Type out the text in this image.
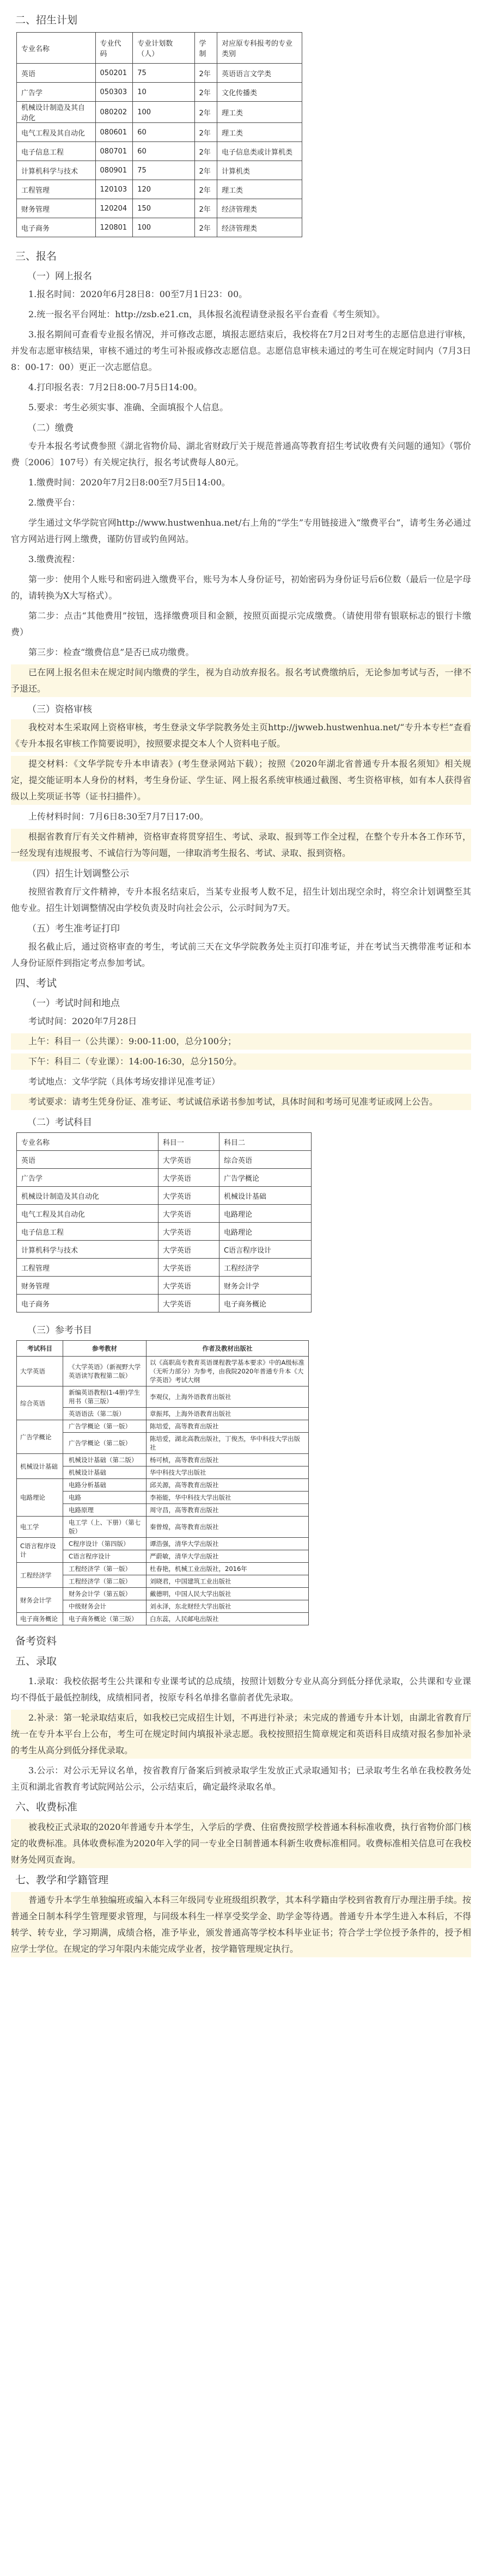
二、招生计划
专业名称	专业代码	专业计划数（人）	学制	对应原专科报考的专业类别
英语	050201	75	2年	英语语言文学类
广告学	050303	10	2年	文化传播类
机械设计制造及其自动化	080202	100	2年	理工类
电气工程及其自动化	080601	60	2年	理工类
电子信息工程	080701	60	2年	电子信息类或计算机类
计算机科学与技术	080901	75	2年	计算机类
工程管理	120103	120	2年	理工类
财务管理	120204	150	2年	经济管理类
电子商务	120801	100	2年	经济管理类
三、报名
（一）网上报名

1.报名时间：2020年6月28日8：00至7月1日23：00。

2.统一报名平台网址：http://zsb.e21.cn，具体报名流程请登录报名平台查看《考生须知》。

3.报名期间可查看专业报名情况，并可修改志愿，填报志愿结束后，我校将在7月2日对考生的志愿信息进行审核，并发布志愿审核结果，审核不通过的考生可补报或修改志愿信息。志愿信息审核未通过的考生可在规定时间内（7月3日8：00-17：00）更正一次志愿信息。

4.打印报名表：7月2日8:00-7月5日14:00。

5.要求：考生必须实事、准确、全面填报个人信息。

（二）缴费

专升本报名考试费参照《湖北省物价局、湖北省财政厅关于规范普通高等教育招生考试收费有关问题的通知》（鄂价费〔2006〕107号）有关规定执行，报名考试费每人80元。

1.缴费时间：2020年7月2日8:00至7月5日14:00。

2.缴费平台：

学生通过文华学院官网http://www.hustwenhua.net/右上角的“学生”专用链接进入“缴费平台”，请考生务必通过官方网站进行网上缴费，谨防仿冒或钓鱼网站。

3.缴费流程：

第一步：使用个人账号和密码进入缴费平台，账号为本人身份证号，初始密码为身份证号后6位数（最后一位是字母的，请转换为X大写格式）。

第二步：点击“其他费用”按钮，选择缴费项目和金额，按照页面提示完成缴费。（请使用带有银联标志的银行卡缴费）

第三步：检查“缴费信息”是否已成功缴费。

已在网上报名但未在规定时间内缴费的学生，视为自动放弃报名。报名考试费缴纳后，无论参加考试与否，一律不予退还。

（三）资格审核

我校对本生采取网上资格审核，考生登录文华学院教务处主页http://jwweb.hustwenhua.net/“专升本专栏”查看《专升本报名审核工作简要说明》，按照要求提交本人个人资料电子版。

提交材料：《文华学院专升本申请表》(考生登录网站下载）；按照《2020年湖北省普通专升本报名须知》相关规定，提交能证明本人身份的材料，考生身份证、学生证、网上报名系统审核通过截图、考生资格审核，如有本人获得省级以上奖项证书等（证书扫描件）。

上传材料时间：7月6日8:30至7月7日17:00。

根据省教育厅有关文件精神，资格审查将贯穿招生、考试、录取、报到等工作全过程，在整个专升本各工作环节，一经发现有违规报考、不诚信行为等问题，一律取消考生报名、考试、录取、报到资格。

（四）招生计划调整公示

按照省教育厅文件精神，专升本报名结束后，当某专业报考人数不足，招生计划出现空余时，将空余计划调整至其他专业。招生计划调整情况由学校负责及时向社会公示，公示时间为7天。

（五）考生准考证打印

报名截止后，通过资格审查的考生，考试前三天在文华学院教务处主页打印准考证，并在考试当天携带准考证和本人身份证原件到指定考点参加考试。

四、考试
（一）考试时间和地点

考试时间：2020年7月28日

上午：科目一（公共课）：9:00-11:00，总分100分；

下午：科目二（专业课）：14:00-16:30，总分150分。

考试地点：文华学院（具体考场安排详见准考证）

考试要求：请考生凭身份证、准考证、考试诚信承诺书参加考试，具体时间和考场可见准考证或网上公告。

（二）考试科目
专业名称	科目一	科目二
英语	大学英语	综合英语
广告学	大学英语	广告学概论
机械设计制造及其自动化	大学英语	机械设计基础
电气工程及其自动化	大学英语	电路理论
电子信息工程	大学英语	电路理论
计算机科学与技术	大学英语	C语言程序设计
工程管理	大学英语	工程经济学
财务管理	大学英语	财务会计学
电子商务	大学英语	电子商务概论
（三）参考书目
考试科目	参考教材	作者及教材出版社
大学英语	《大学英语》（新视野大学英语读写教程第二版）	以《高职高专教育英语课程教学基本要求》中的A级标准（无听力部分）为参考，由我院2020年普通专升本《大学英语》考试大纲
综合英语	新编英语教程(1-4册)学生用书（第三版）	李观仪，上海外语教育出版社
	英语语法（第二版）	章振邦，上海外语教育出版社
广告学概论	广告学概论（第一版）	陈培爱，高等教育出版社
	广告学概论（第二版）	陈培爱，湖北高教出版社，丁俊杰，华中科技大学出版社
机械设计基础	机械设计基础（第二版）	杨可桢，高等教育出版社
	机械设计基础	华中科技大学出版社
电路理论	电路分析基础	邱关源，高等教育出版社
	电路	李裕能，华中科技大学出版社
	电路原理	周守昌，高等教育出版社
电工学	电工学（上、下册）（第七版）	秦曾煌，高等教育出版社
C语言程序设计	C程序设计（第四版）	谭浩强，清华大学出版社
	C语言程序设计	严蔚敏，清华大学出版社
工程经济学	工程经济学（第一版）	杜春艳，机械工业出版社，2016年
	工程经济学（第二版）	刘晓君，中国建筑工业出版社
财务会计学	财务会计学（第五版）	戴德明，中国人民大学出版社
	中级财务会计	刘永泽，东北财经大学出版社
电子商务概论	电子商务概论（第三版）	白东蕊，人民邮电出版社
备考资料
五、录取

1.录取：我校依据考生公共课和专业课考试的总成绩，按照计划数分专业从高分到低分择优录取，公共课和专业课均不得低于最低控制线，成绩相同者，按原专科名单排名靠前者优先录取。

2.补录：第一轮录取结束后，如我校已完成招生计划，不再进行补录；未完成的普通专升本计划，由湖北省教育厅统一在专升本平台上公布，考生可在规定时间内填报补录志愿。我校按照招生简章规定和英语科目成绩对报名参加补录的考生从高分到低分择优录取。

3.公示：对公示无异议名单，按省教育厅备案后到被录取学生发放正式录取通知书；已录取考生名单在我校教务处主页和湖北省教育考试院网站公示，公示结束后，确定最终录取名单。

六、收费标准

被我校正式录取的2020年普通专升本学生，入学后的学费、住宿费按照学校普通本科标准收费，执行省物价部门核定的收费标准。具体收费标准为2020年入学的同一专业全日制普通本科新生收费标准相同。收费标准相关信息可在我校财务处网页查询。

七、教学和学籍管理

普通专升本学生单独编班或编入本科三年级同专业班级组织教学，其本科学籍由学校到省教育厅办理注册手续。按普通全日制本科学生管理要求管理，与同级本科生一样享受奖学金、助学金等待遇。普通专升本学生进入本科后，不得转学、转专业，学习期满，成绩合格，准予毕业，颁发普通高等学校本科毕业证书；符合学士学位授予条件的，授予相应学士学位。在规定的学习年限内未能完成学业者，按学籍管理规定执行。
